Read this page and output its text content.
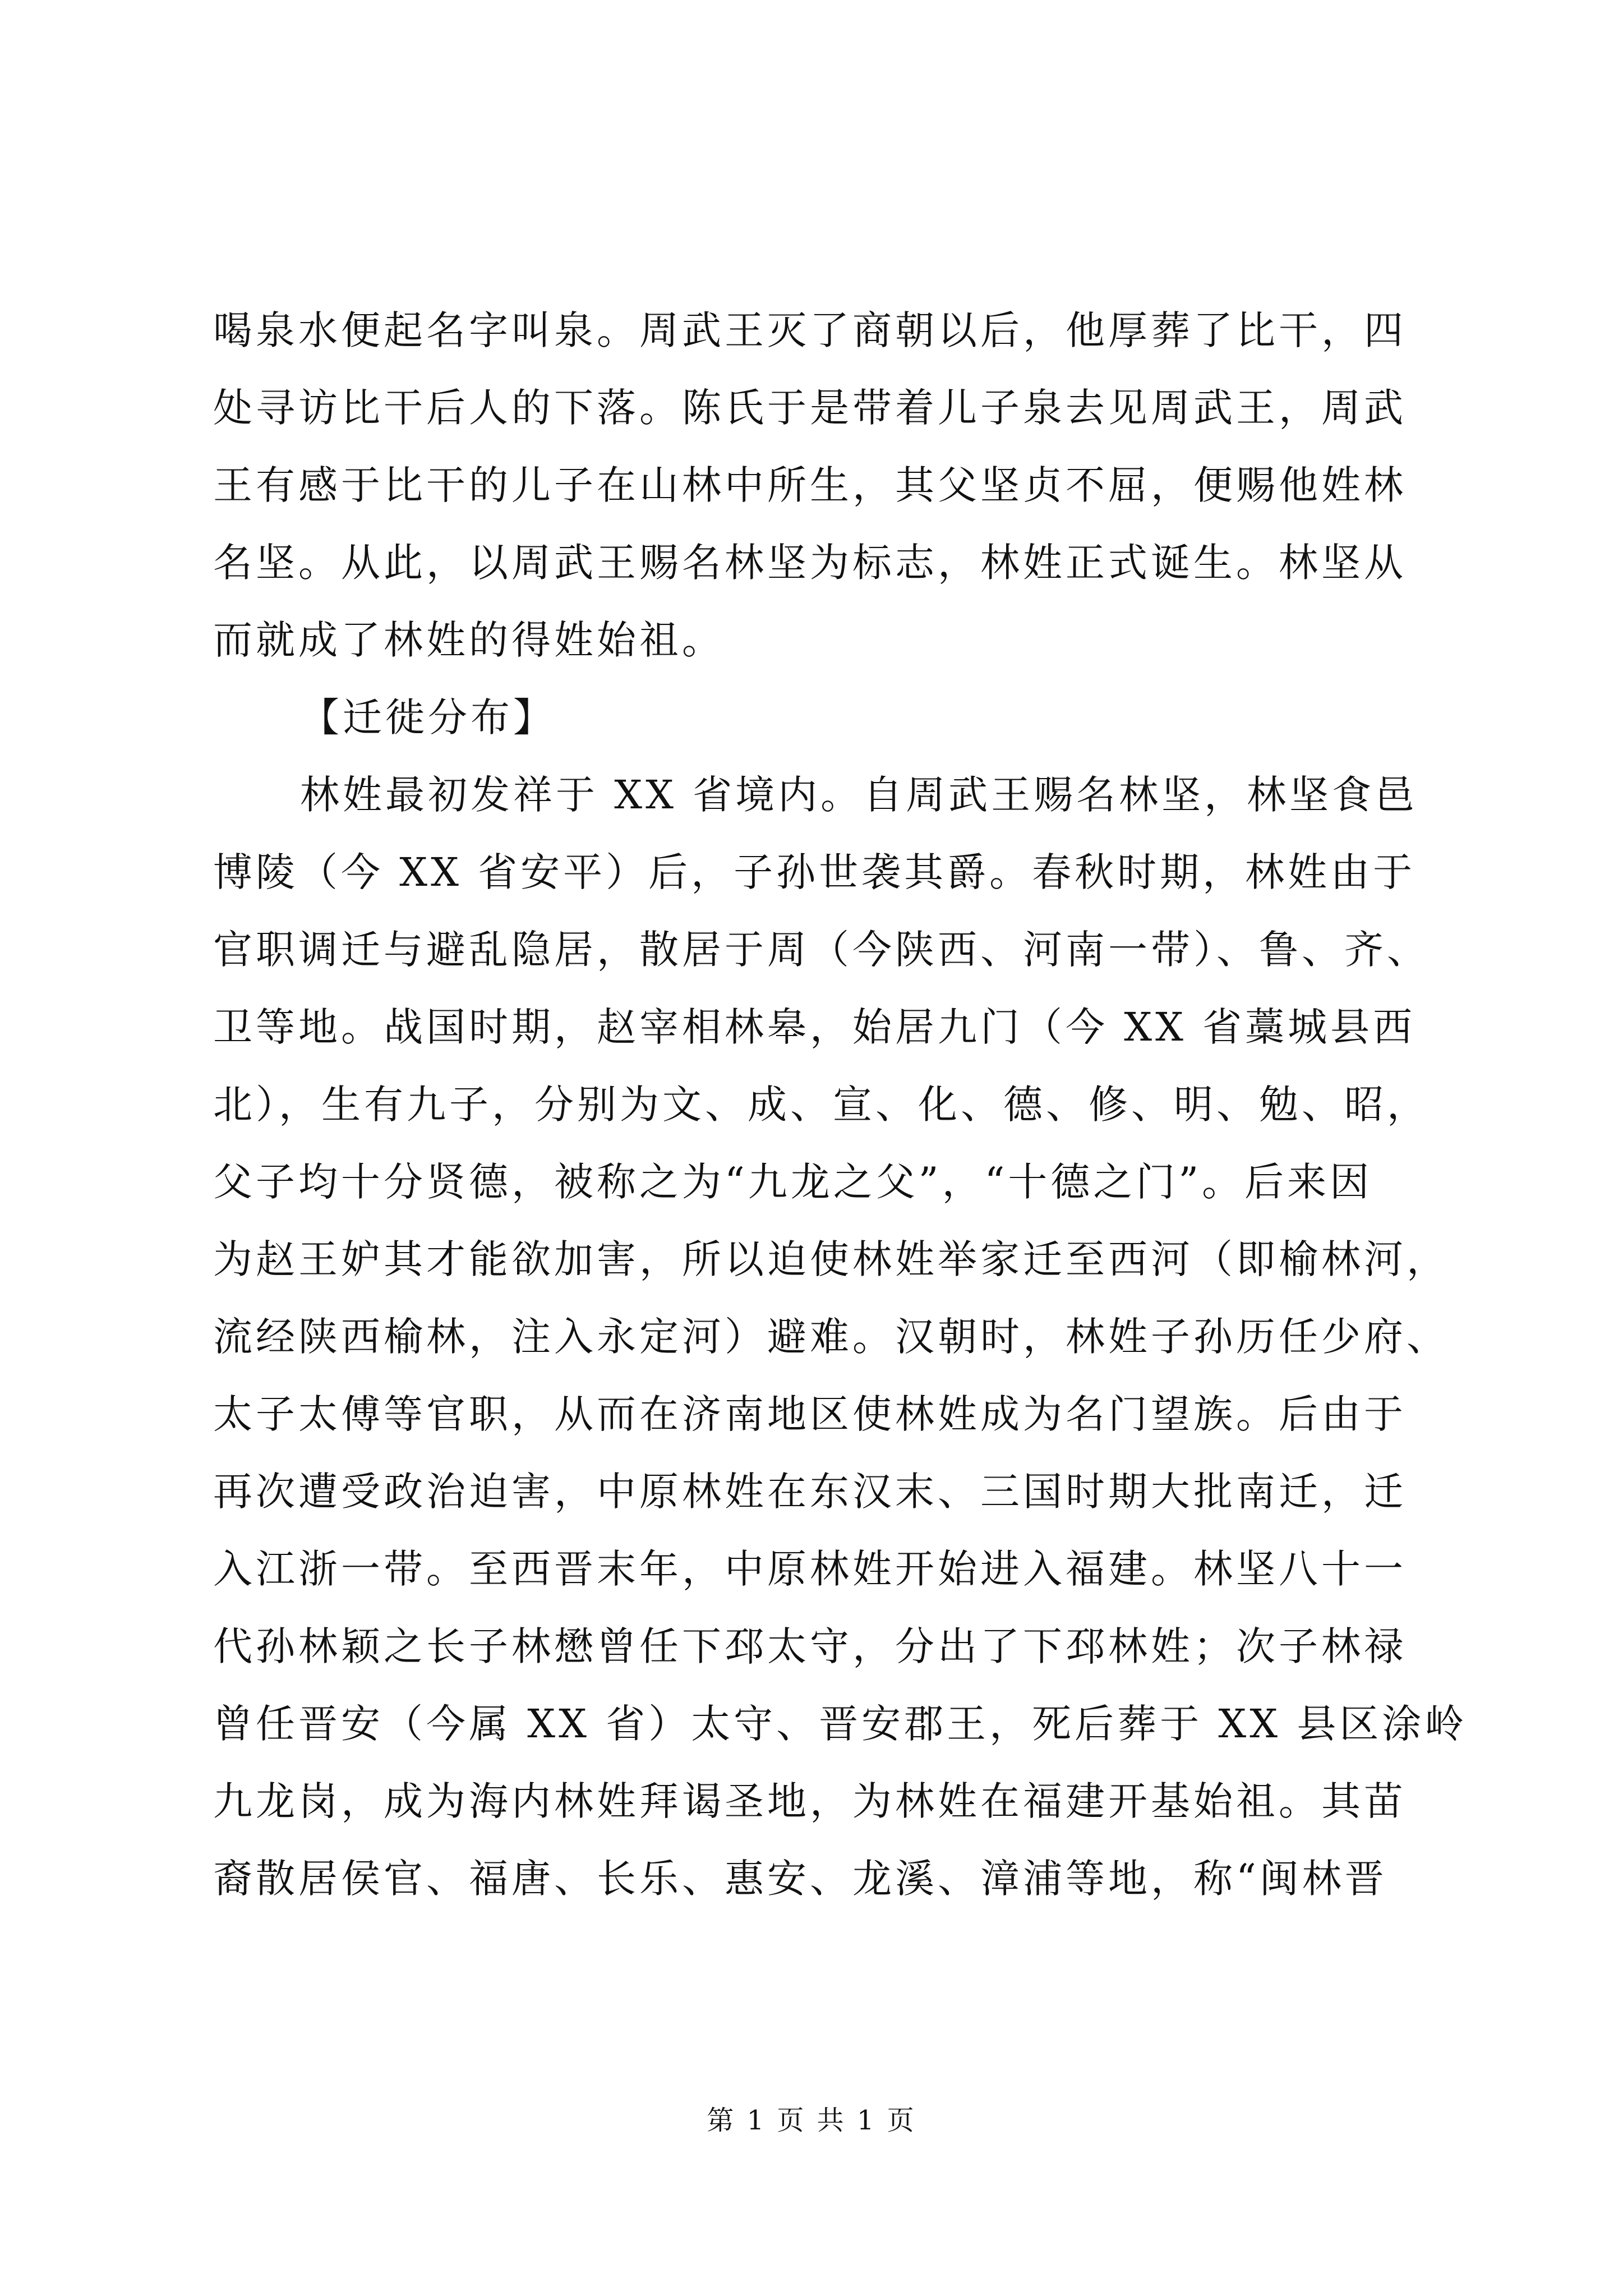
喝泉水便起名字叫泉。周武王灭了商朝以后，他厚葬了比干，四
处寻访比干后人的下落。陈氏于是带着儿子泉去见周武王，周武
王有感于比干的儿子在山林中所生，其父坚贞不屈，便赐他姓林
名坚。从此，以周武王赐名林坚为标志，林姓正式诞生。林坚从
而就成了林姓的得姓始祖。
【迁徙分布】
林姓最初发祥于 XX 省境内。自周武王赐名林坚，林坚食邑
博陵（今 XX 省安平）后，子孙世袭其爵。春秋时期，林姓由于
官职调迁与避乱隐居，散居于周（今陕西、河南一带）、鲁、齐、
卫等地。战国时期，赵宰相林皋，始居九门（今 XX 省藁城县西
北），生有九子，分别为文、成、宣、化、德、修、明、勉、昭，
父子均十分贤德，被称之为“九龙之父”，“十德之门”。后来因
为赵王妒其才能欲加害，所以迫使林姓举家迁至西河（即榆林河，
流经陕西榆林，注入永定河）避难。汉朝时，林姓子孙历任少府、
太子太傅等官职，从而在济南地区使林姓成为名门望族。后由于
再次遭受政治迫害，中原林姓在东汉末、三国时期大批南迁，迁
入江浙一带。至西晋末年，中原林姓开始进入福建。林坚八十一
代孙林颖之长子林懋曾任下邳太守，分出了下邳林姓；次子林禄
曾任晋安（今属 XX 省）太守、晋安郡王，死后葬于 XX 县区涂岭
九龙岗，成为海内林姓拜谒圣地，为林姓在福建开基始祖。其苗
裔散居侯官、福唐、长乐、惠安、龙溪、漳浦等地，称“闽林晋
第 1 页 共 1 页
